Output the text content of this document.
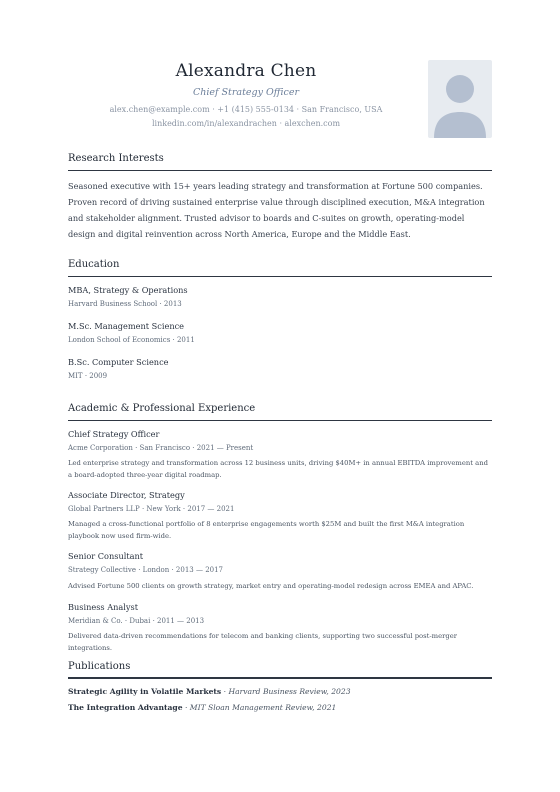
Alexandra Chen
Chief Strategy Officer
alex.chen@example.com · +1 (415) 555-0134 · San Francisco, USA
linkedin.com/in/alexandrachen · alexchen.com
Research Interests
Seasoned executive with 15+ years leading strategy and transformation at Fortune 500 companies. Proven record of driving sustained enterprise value through disciplined execution, M&A integration and stakeholder alignment. Trusted advisor to boards and C-suites on growth, operating-model design and digital reinvention across North America, Europe and the Middle East.
Education
MBA, Strategy & Operations
Harvard Business School · 2013
M.Sc. Management Science
London School of Economics · 2011
B.Sc. Computer Science
MIT · 2009
Academic & Professional Experience
Chief Strategy Officer
Acme Corporation · San Francisco · 2021 — Present
Led enterprise strategy and transformation across 12 business units, driving $40M+ in annual EBITDA improvement and a board-adopted three-year digital roadmap.
Associate Director, Strategy
Global Partners LLP · New York · 2017 — 2021
Managed a cross-functional portfolio of 8 enterprise engagements worth $25M and built the first M&A integration playbook now used firm-wide.
Senior Consultant
Strategy Collective · London · 2013 — 2017
Advised Fortune 500 clients on growth strategy, market entry and operating-model redesign across EMEA and APAC.
Business Analyst
Meridian & Co. · Dubai · 2011 — 2013
Delivered data-driven recommendations for telecom and banking clients, supporting two successful post-merger integrations.
Publications
Strategic Agility in Volatile Markets · Harvard Business Review, 2023
The Integration Advantage · MIT Sloan Management Review, 2021
